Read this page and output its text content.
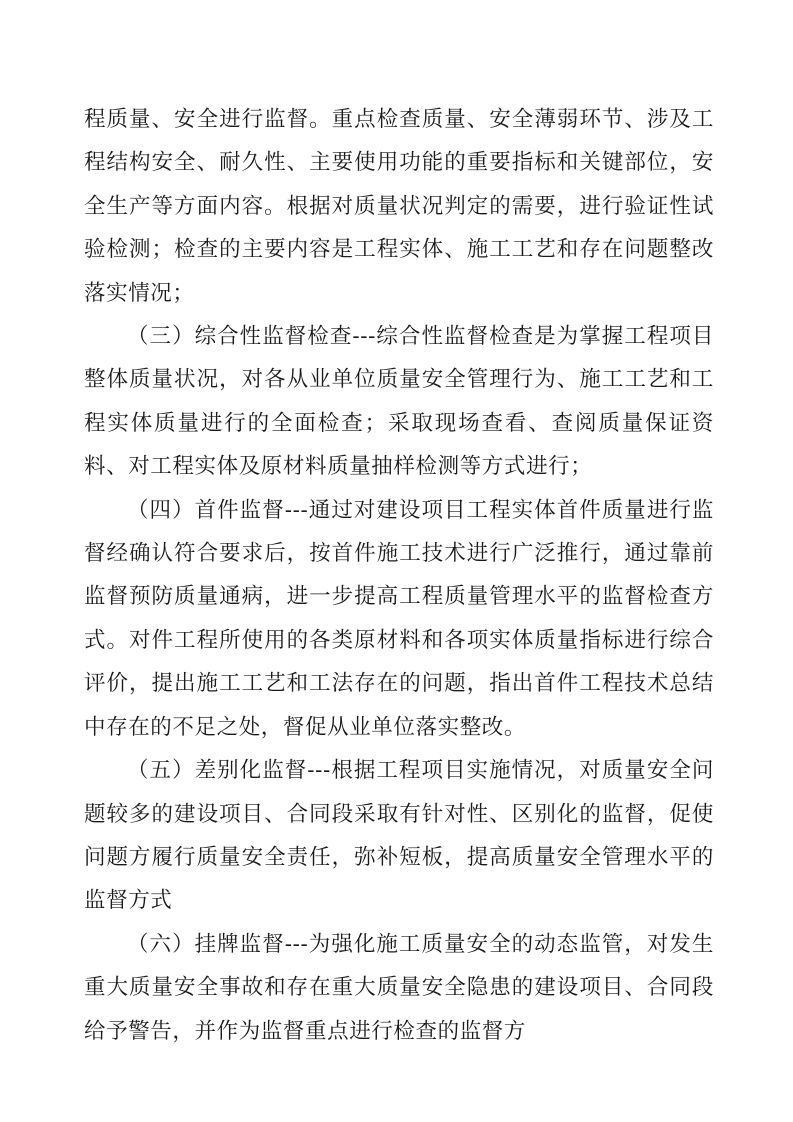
程质量、安全进行监督。重点检查质量、安全薄弱环节、涉及工程结构安全、耐久性、主要使用功能的重要指标和关键部位，安全生产等方面内容。根据对质量状况判定的需要，进行验证性试验检测；检查的主要内容是工程实体、施工工艺和存在问题整改落实情况；

（三）综合性监督检查---综合性监督检查是为掌握工程项目整体质量状况，对各从业单位质量安全管理行为、施工工艺和工程实体质量进行的全面检查；采取现场查看、查阅质量保证资料、对工程实体及原材料质量抽样检测等方式进行；

（四）首件监督---通过对建设项目工程实体首件质量进行监督经确认符合要求后，按首件施工技术进行广泛推行，通过靠前监督预防质量通病，进一步提高工程质量管理水平的监督检查方式。对件工程所使用的各类原材料和各项实体质量指标进行综合评价，提出施工工艺和工法存在的问题，指出首件工程技术总结中存在的不足之处，督促从业单位落实整改。

（五）差别化监督---根据工程项目实施情况，对质量安全问题较多的建设项目、合同段采取有针对性、区别化的监督，促使问题方履行质量安全责任，弥补短板，提高质量安全管理水平的监督方式

（六）挂牌监督---为强化施工质量安全的动态监管，对发生重大质量安全事故和存在重大质量安全隐患的建设项目、合同段给予警告，并作为监督重点进行检查的监督方
